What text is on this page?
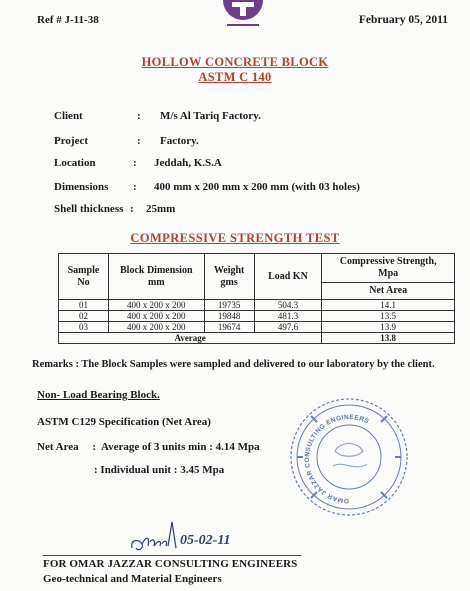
Ref # J-11-38	February 05, 2011
HOLLOW CONCRETE BLOCK
ASTM C 140
Client	: M/s Al Tariq Factory.
Project	: Factory.
Location	: Jeddah, K.S.A
Dimensions : 400 mm x 200 mm x 200 mm (with 03 holes)
Shell thickness : 25mm
COMPRESSIVE STRENGTH TEST
Sample No	Block Dimension mm	Weight gms	Load KN	Compressive Strength, Mpa
				Net Area
01	400 x 200 x 200	19735	504.3	14.1
02	400 x 200 x 200	19848	481.3	13.5
03	400 x 200 x 200	19674	497.6	13.9
Average				13.8
Remarks : The Block Samples were sampled and delivered to our laboratory by the client.
Non- Load Bearing Block.
ASTM C129 Specification (Net Area)
Net Area     :  Average of 3 units min : 4.14 Mpa
: Individual unit : 3.45 Mpa
OMAR JAZZAR CONSULTING ENGINEERS
05-02-11
FOR OMAR JAZZAR CONSULTING ENGINEERS
Geo-technical and Material Engineers
